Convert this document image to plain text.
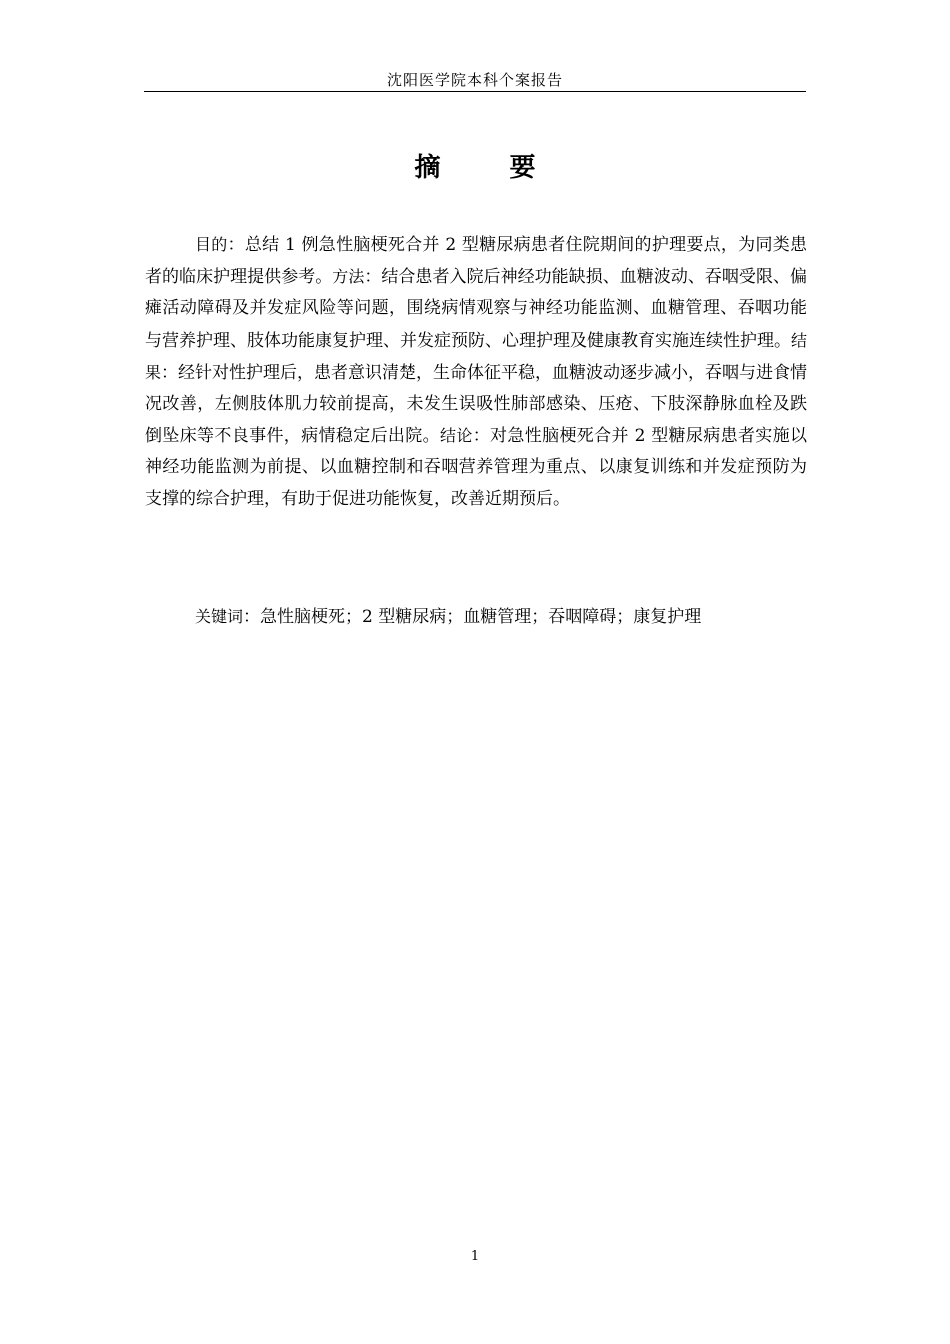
沈阳医学院本科个案报告
摘 要

目的：总结 1 例急性脑梗死合并 2 型糖尿病患者住院期间的护理要点，为同类患者的临床护理提供参考。方法：结合患者入院后神经功能缺损、血糖波动、吞咽受限、偏瘫活动障碍及并发症风险等问题，围绕病情观察与神经功能监测、血糖管理、吞咽功能与营养护理、肢体功能康复护理、并发症预防、心理护理及健康教育实施连续性护理。结果：经针对性护理后，患者意识清楚，生命体征平稳，血糖波动逐步减小，吞咽与进食情况改善，左侧肢体肌力较前提高，未发生误吸性肺部感染、压疮、下肢深静脉血栓及跌倒坠床等不良事件，病情稳定后出院。结论：对急性脑梗死合并 2 型糖尿病患者实施以神经功能监测为前提、以血糖控制和吞咽营养管理为重点、以康复训练和并发症预防为支撑的综合护理，有助于促进功能恢复，改善近期预后。

关键词：急性脑梗死；2 型糖尿病；血糖管理；吞咽障碍；康复护理

1
